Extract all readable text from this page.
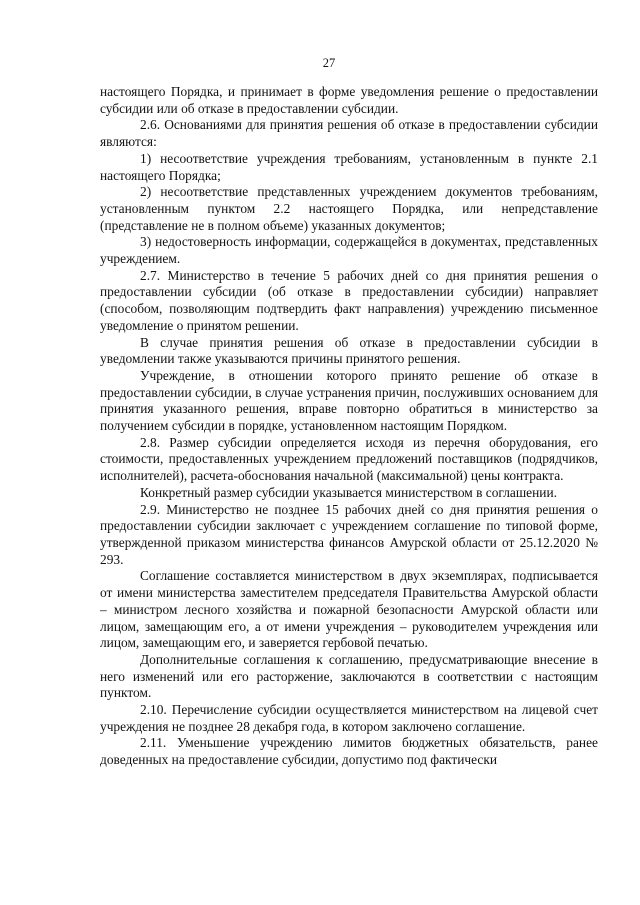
27

настоящего Порядка, и принимает в форме уведомления решение о предоставлении субсидии или об отказе в предоставлении субсидии.

2.6. Основаниями для принятия решения об отказе в предоставлении субсидии являются:

1) несоответствие учреждения требованиям, установленным в пункте 2.1 настоящего Порядка;

2) несоответствие представленных учреждением документов требованиям, установленным пунктом 2.2 настоящего Порядка, или непредставление (представление не в полном объеме) указанных документов;

3) недостоверность информации, содержащейся в документах, представленных учреждением.

2.7. Министерство в течение 5 рабочих дней со дня принятия решения о предоставлении субсидии (об отказе в предоставлении субсидии) направляет (способом, позволяющим подтвердить факт направления) учреждению письменное уведомление о принятом решении.

В случае принятия решения об отказе в предоставлении субсидии в уведомлении также указываются причины принятого решения.

Учреждение, в отношении которого принято решение об отказе в предоставлении субсидии, в случае устранения причин, послуживших основанием для принятия указанного решения, вправе повторно обратиться в министерство за получением субсидии в порядке, установленном настоящим Порядком.

2.8. Размер субсидии определяется исходя из перечня оборудования, его стоимости, предоставленных учреждением предложений поставщиков (подрядчиков, исполнителей), расчета-обоснования начальной (максимальной) цены контракта.

Конкретный размер субсидии указывается министерством в соглашении.

2.9. Министерство не позднее 15 рабочих дней со дня принятия решения о предоставлении субсидии заключает с учреждением соглашение по типовой форме, утвержденной приказом министерства финансов Амурской области от 25.12.2020 № 293.

Соглашение составляется министерством в двух экземплярах, подписывается от имени министерства заместителем председателя Правительства Амурской области – министром лесного хозяйства и пожарной безопасности Амурской области или лицом, замещающим его, а от имени учреждения – руководителем учреждения или лицом, замещающим его, и заверяется гербовой печатью.

Дополнительные соглашения к соглашению, предусматривающие внесение в него изменений или его расторжение, заключаются в соответствии с настоящим пунктом.

2.10. Перечисление субсидии осуществляется министерством на лицевой счет учреждения не позднее 28 декабря года, в котором заключено соглашение.

2.11. Уменьшение учреждению лимитов бюджетных обязательств, ранее доведенных на предоставление субсидии, допустимо под фактически
